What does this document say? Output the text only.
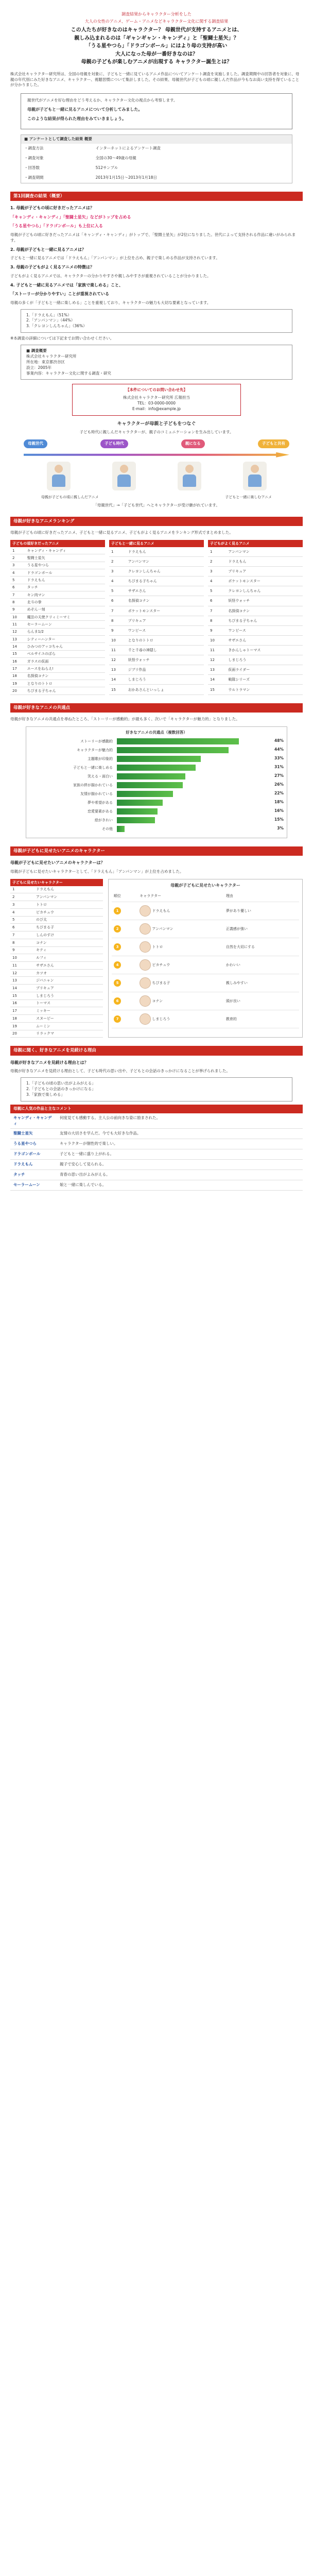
調査結果からキャラクター分析をした
大人の女性のアニメ、ゲーム・アニメなどキャラクター文化に関する調査結果
この人たちが好きなのはキャラクター？ 母親世代が支持するアニメとは、
親しみ込まれるのは「ギャンギャン・キャンディ」と「聖闘士星矢」？
「うる星やつら」「ドラゴンボール」にはより母の支持が高い
大人になった母が一番好きなのは？
母親の子どもが楽しむアニメが出現する キャラクター誕生とは？

株式会社キャラクター研究所は、全国の母親を対象に、子どもと一緒に見ているアニメ作品についてアンケート調査を実施しました。調査期間中の回答者を対象に、母親の年代別にみた好きなアニメ、キャラクター、視聴習慣について集計しました。その結果、母親世代が子どもの頃に親しんだ作品が今もなお高い支持を得ていることが分かりました。

親世代がアニメを好む理由をどう考えるか、キャラクター文化の視点から考察します。
母親が子どもと一緒に見るアニメについて分析してみました。
このような結果が得られた理由をみていきましょう。
■ アンケートとして調査した結果 概要
・調査方法	インターネットによるアンケート調査
・調査対象	全国の30〜49歳の母親
・回答数	512サンプル
・調査期間	2013年1月15日〜2013年1月18日
第1回調査の結果（概要）
1. 母親が子どもの頃に好きだったアニメは？
「キャンディ・キャンディ」「聖闘士星矢」などがトップを占める
「うる星やつら」「ドラゴンボール」も上位に入る

母親が子どもの頃に好きだったアニメは「キャンディ・キャンディ」がトップで、「聖闘士星矢」が2位になりました。世代によって支持される作品に違いがみられます。

2. 母親が子どもと一緒に見るアニメは？

子どもと一緒に見るアニメでは「ドラえもん」「アンパンマン」が上位を占め、親子で楽しめる作品が支持されています。

3. 母親の子どもがよく見るアニメの特徴は？

子どもがよく見るアニメでは、キャラクターの分かりやすさや親しみやすさが重視されていることが分かりました。

4. 子どもと一緒に見るアニメでは「家族で楽しめる」こと、
「ストーリーが分かりやすい」ことが重視されている

母親の多くが「子どもと一緒に楽しめる」ことを重視しており、キャラクターの魅力も大切な要素となっています。

1.「ドラえもん」（51%）
2.「アンパンマン」（44%）
3.「クレヨンしんちゃん」（36%）

※本調査の詳細については下記までお問い合わせください。

■ 調査概要
株式会社キャラクター研究所
所在地：東京都渋谷区
設立：2005年
事業内容：キャラクター文化に関する調査・研究
【本件についてのお問い合わせ先】
株式会社キャラクター研究所 広報担当
TEL：03-0000-0000
E-mail：info@example.jp
キャラクターが母親と子どもをつなぐ
子ども時代に親しんだキャラクターが、親子のコミュニケーションを生み出しています。
母親世代	子ども時代	親になる	子どもと共有
母親が子どもの頃に親しんだアニメ	子どもと一緒に楽しむアニメ

「母親世代」→「子ども世代」へとキャラクターが受け継がれています。

母親が好きなアニメランキング

母親が子どもの頃に好きだったアニメ、子どもと一緒に見るアニメ、子どもがよく見るアニメをランキング形式でまとめました。

子どもの頃好きだったアニメ	
1	キャンディ・キャンディ
2	聖闘士星矢
3	うる星やつら
4	ドラゴンボール
5	ドラえもん
6	タッチ
7	キン肉マン
8	北斗の拳
9	めぞん一刻
10	魔法の天使クリィミーマミ
11	セーラームーン
12	らんま1/2
13	シティーハンター
14	ひみつのアッコちゃん
15	ベルサイユのばら
16	ガラスの仮面
17	エースをねらえ!
18	名探偵コナン
19	となりのトトロ
20	ちびまる子ちゃん
子どもと一緒に見るアニメ	
1	ドラえもん
2	アンパンマン
3	クレヨンしんちゃん
4	ちびまる子ちゃん
5	サザエさん
6	名探偵コナン
7	ポケットモンスター
8	プリキュア
9	ワンピース
10	となりのトトロ
11	千と千尋の神隠し
12	妖怪ウォッチ
13	ジブリ作品
14	しまじろう
15	おかあさんといっしょ
子どもがよく見るアニメ	
1	アンパンマン
2	ドラえもん
3	プリキュア
4	ポケットモンスター
5	クレヨンしんちゃん
6	妖怪ウォッチ
7	名探偵コナン
8	ちびまる子ちゃん
9	ワンピース
10	サザエさん
11	きかんしゃトーマス
12	しまじろう
13	仮面ライダー
14	戦隊シリーズ
15	ウルトラマン
母親が好きなアニメの共通点

母親が好きなアニメの共通点を尋ねたところ、「ストーリーが感動的」が最も多く、次いで「キャラクターが魅力的」となりました。

好きなアニメの共通点（複数回答）
ストーリーが感動的	48%
キャラクターが魅力的	44%
主題歌が印象的	33%
子どもと一緒に楽しめる	31%
笑える・面白い	27%
家族の絆が描かれている	26%
友情が描かれている	22%
夢や希望がある	18%
恋愛要素がある	16%
絵がきれい	15%
その他	3%
母親が子どもに見せたいアニメのキャラクター
母親が子どもに見せたいアニメのキャラクターは？

母親が子どもに見せたいキャラクターとして、「ドラえもん」「アンパンマン」が上位を占めました。

子どもに見せたいキャラクター	
1	ドラえもん
2	アンパンマン
3	トトロ
4	ピカチュウ
5	のび太
6	ちびまる子
7	しんのすけ
8	コナン
9	キティ
10	ルフィ
11	サザエさん
12	カツオ
13	ジバニャン
14	プリキュア
15	しまじろう
16	トーマス
17	ミッキー
18	スヌーピー
19	ムーミン
20	リラックマ
母親が子どもに見せたいキャラクター
順位	キャラクター	理由
1	ドラえもん	夢があり優しい
2	アンパンマン	正義感が強い
3	トトロ	自然を大切にする
4	ピカチュウ	かわいい
5	ちびまる子	親しみやすい
6	コナン	頭が良い
7	しまじろう	教育的
母親に聞く、好きなアニメを見続ける理由
母親が好きなアニメを見続ける理由とは？

母親が好きなアニメを見続ける理由として、子ども時代の思い出や、子どもとの会話のきっかけになることが挙げられました。

1.「子どもの頃の思い出がよみがえる」
2.「子どもとの会話のきっかけになる」
3.「家族で楽しめる」
母親に人気の作品と主なコメント	
キャンディ・キャンディ	何度見ても感動する。主人公の前向きな姿に励まされた。
聖闘士星矢	友情の大切さを学んだ。今でも大好きな作品。
うる星やつら	キャラクターが個性的で楽しい。
ドラゴンボール	子どもと一緒に盛り上がれる。
ドラえもん	親子で安心して見られる。
タッチ	青春の思い出がよみがえる。
セーラームーン	娘と一緒に楽しんでいる。
